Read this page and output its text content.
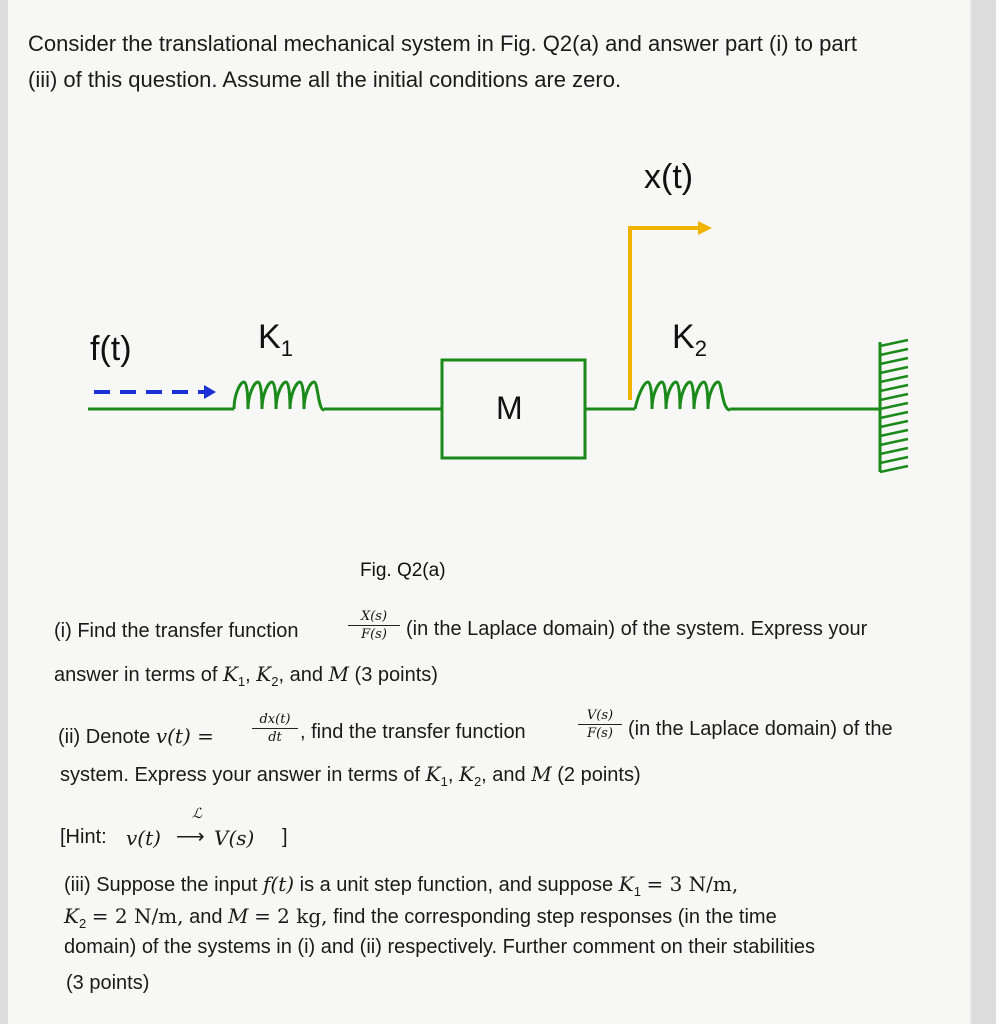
Consider the translational mechanical system in Fig. Q2(a) and answer part (i) to part
(iii) of this question. Assume all the initial conditions are zero.
f(t)
x(t)
K1	K2
M
Fig. Q2(a)
(i) Find the transfer function
X(s)
F(s) (in the Laplace domain) of the system. Express your
answer in terms of $K_1$, $K_2$, and M (3 points)
(ii) Denote v(t) =
dx(t)
dt , find the transfer function
V(s)
F(s) (in the Laplace domain) of the
system. Express your answer in terms of $K_1$, $K_2$, and M (2 points)
[Hint: v(t)
ℒ
⟶ V(s) ]
(iii) Suppose the input f(t) is a unit step function, and suppose $K_1 = 3$ N/m,
$K_2 = 2$ N/m, and M = 2 kg, find the corresponding step responses (in the time
domain) of the systems in (i) and (ii) respectively. Further comment on their stabilities
(3 points)
